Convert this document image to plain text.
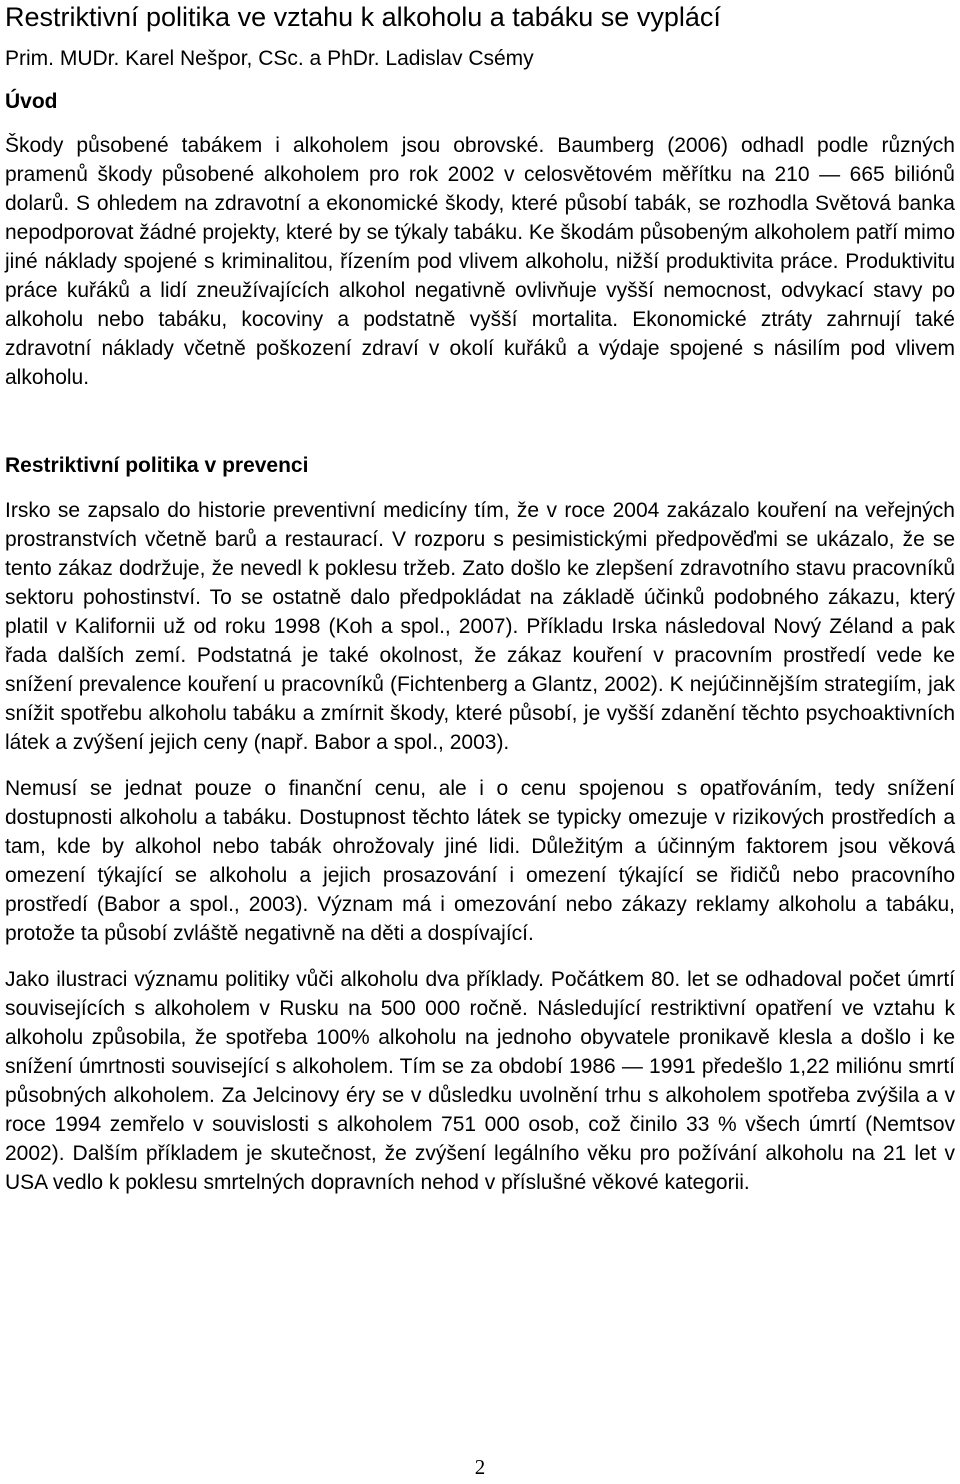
Restriktivní politika ve vztahu k alkoholu a tabáku se vyplácí

Prim. MUDr. Karel Nešpor, CSc. a PhDr. Ladislav Csémy

Úvod

Škody působené tabákem i alkoholem jsou obrovské. Baumberg (2006) odhadl podle různých pramenů škody působené alkoholem pro rok 2002 v celosvětovém měřítku na 210 — 665 biliónů dolarů. S ohledem na zdravotní a ekonomické škody, které působí tabák, se rozhodla Světová banka nepodporovat žádné projekty, které by se týkaly tabáku. Ke škodám působeným alkoholem patří mimo jiné náklady spojené s kriminalitou, řízením pod vlivem alkoholu, nižší produktivita práce. Produktivitu práce kuřáků a lidí zneužívajících alkohol negativně ovlivňuje vyšší nemocnost, odvykací stavy po alkoholu nebo tabáku, kocoviny a podstatně vyšší mortalita. Ekonomické ztráty zahrnují také zdravotní náklady včetně poškození zdraví v okolí kuřáků a výdaje spojené s násilím pod vlivem alkoholu.

Restriktivní politika v prevenci

Irsko se zapsalo do historie preventivní medicíny tím, že v roce 2004 zakázalo kouření na veřejných prostranstvích včetně barů a restaurací. V rozporu s pesimistickými předpověďmi se ukázalo, že se tento zákaz dodržuje, že nevedl k poklesu tržeb. Zato došlo ke zlepšení zdravotního stavu pracovníků sektoru pohostinství. To se ostatně dalo předpokládat na základě účinků podobného zákazu, který platil v Kalifornii už od roku 1998 (Koh a spol., 2007). Příkladu Irska následoval Nový Zéland a pak řada dalších zemí. Podstatná je také okolnost, že zákaz kouření v pracovním prostředí vede ke snížení prevalence kouření u pracovníků (Fichtenberg a Glantz, 2002). K nejúčinnějším strategiím, jak snížit spotřebu alkoholu tabáku a zmírnit škody, které působí, je vyšší zdanění těchto psychoaktivních látek a zvýšení jejich ceny (např. Babor a spol., 2003).

Nemusí se jednat pouze o finanční cenu, ale i o cenu spojenou s opatřováním, tedy snížení dostupnosti alkoholu a tabáku. Dostupnost těchto látek se typicky omezuje v rizikových prostředích a tam, kde by alkohol nebo tabák ohrožovaly jiné lidi. Důležitým a účinným faktorem jsou věková omezení týkající se alkoholu a jejich prosazování i omezení týkající se řidičů nebo pracovního prostředí (Babor a spol., 2003). Význam má i omezování nebo zákazy reklamy alkoholu a tabáku, protože ta působí zvláště negativně na děti a dospívající.

Jako ilustraci významu politiky vůči alkoholu dva příklady. Počátkem 80. let se odhadoval počet úmrtí souvisejících s alkoholem v Rusku na 500 000 ročně. Následující restriktivní opatření ve vztahu k alkoholu způsobila, že spotřeba 100% alkoholu na jednoho obyvatele pronikavě klesla a došlo i ke snížení úmrtnosti související s alkoholem. Tím se za období 1986 — 1991 předešlo 1,22 miliónu smrtí působných alkoholem. Za Jelcinovy éry se v důsledku uvolnění trhu s alkoholem spotřeba zvýšila a v roce 1994 zemřelo v souvislosti s alkoholem 751 000 osob, což činilo 33 % všech úmrtí (Nemtsov 2002). Dalším příkladem je skutečnost, že zvýšení legálního věku pro požívání alkoholu na 21 let v USA vedlo k poklesu smrtelných dopravních nehod v příslušné věkové kategorii.

2
